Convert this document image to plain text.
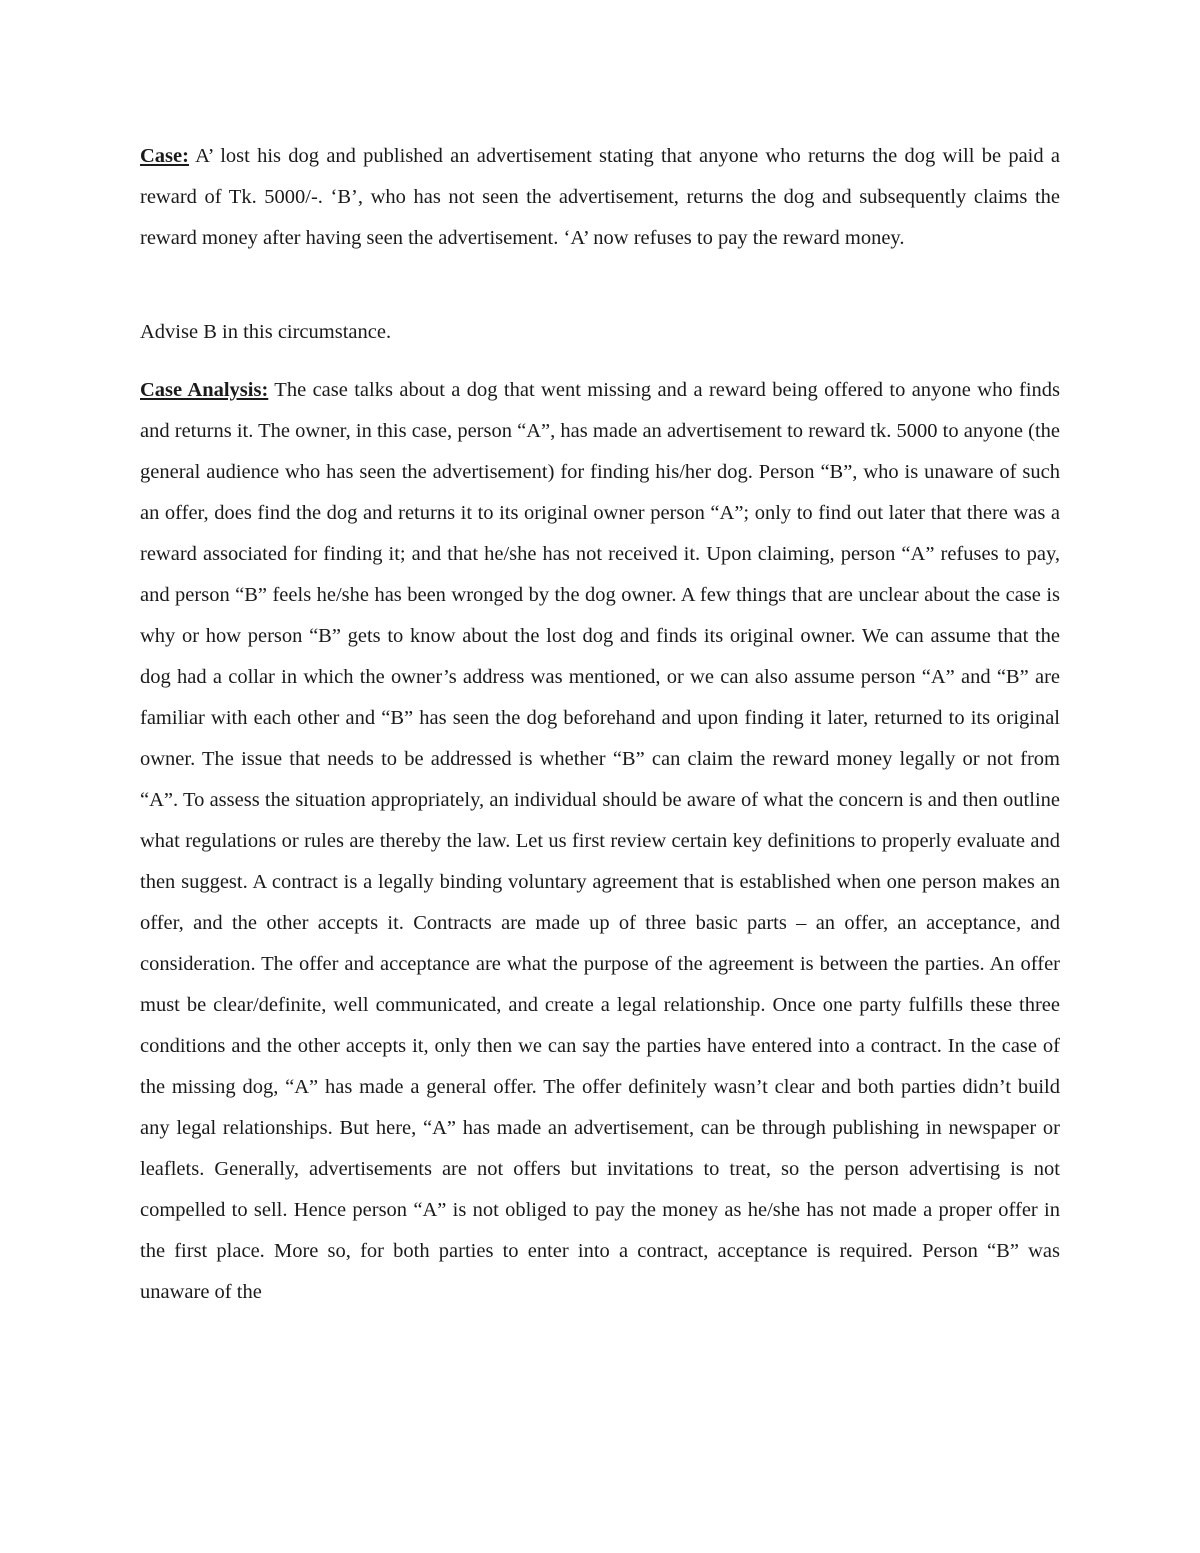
Case: A’ lost his dog and published an advertisement stating that anyone who returns the dog will be paid a reward of Tk. 5000/-. ‘B’, who has not seen the advertisement, returns the dog and subsequently claims the reward money after having seen the advertisement. ‘A’ now refuses to pay the reward money.

Advise B in this circumstance.

Case Analysis: The case talks about a dog that went missing and a reward being offered to anyone who finds and returns it. The owner, in this case, person “A”, has made an advertisement to reward tk. 5000 to anyone (the general audience who has seen the advertisement) for finding his/her dog. Person “B”, who is unaware of such an offer, does find the dog and returns it to its original owner person “A”; only to find out later that there was a reward associated for finding it; and that he/she has not received it. Upon claiming, person “A” refuses to pay, and person “B” feels he/she has been wronged by the dog owner. A few things that are unclear about the case is why or how person “B” gets to know about the lost dog and finds its original owner. We can assume that the dog had a collar in which the owner’s address was mentioned, or we can also assume person “A” and “B” are familiar with each other and “B” has seen the dog beforehand and upon finding it later, returned to its original owner. The issue that needs to be addressed is whether “B” can claim the reward money legally or not from “A”. To assess the situation appropriately, an individual should be aware of what the concern is and then outline what regulations or rules are thereby the law. Let us first review certain key definitions to properly evaluate and then suggest. A contract is a legally binding voluntary agreement that is established when one person makes an offer, and the other accepts it. Contracts are made up of three basic parts – an offer, an acceptance, and consideration. The offer and acceptance are what the purpose of the agreement is between the parties. An offer must be clear/definite, well communicated, and create a legal relationship. Once one party fulfills these three conditions and the other accepts it, only then we can say the parties have entered into a contract. In the case of the missing dog, “A” has made a general offer. The offer definitely wasn’t clear and both parties didn’t build any legal relationships. But here, “A” has made an advertisement, can be through publishing in newspaper or leaflets. Generally, advertisements are not offers but invitations to treat, so the person advertising is not compelled to sell. Hence person “A” is not obliged to pay the money as he/she has not made a proper offer in the first place. More so, for both parties to enter into a contract, acceptance is required. Person “B” was unaware of the
